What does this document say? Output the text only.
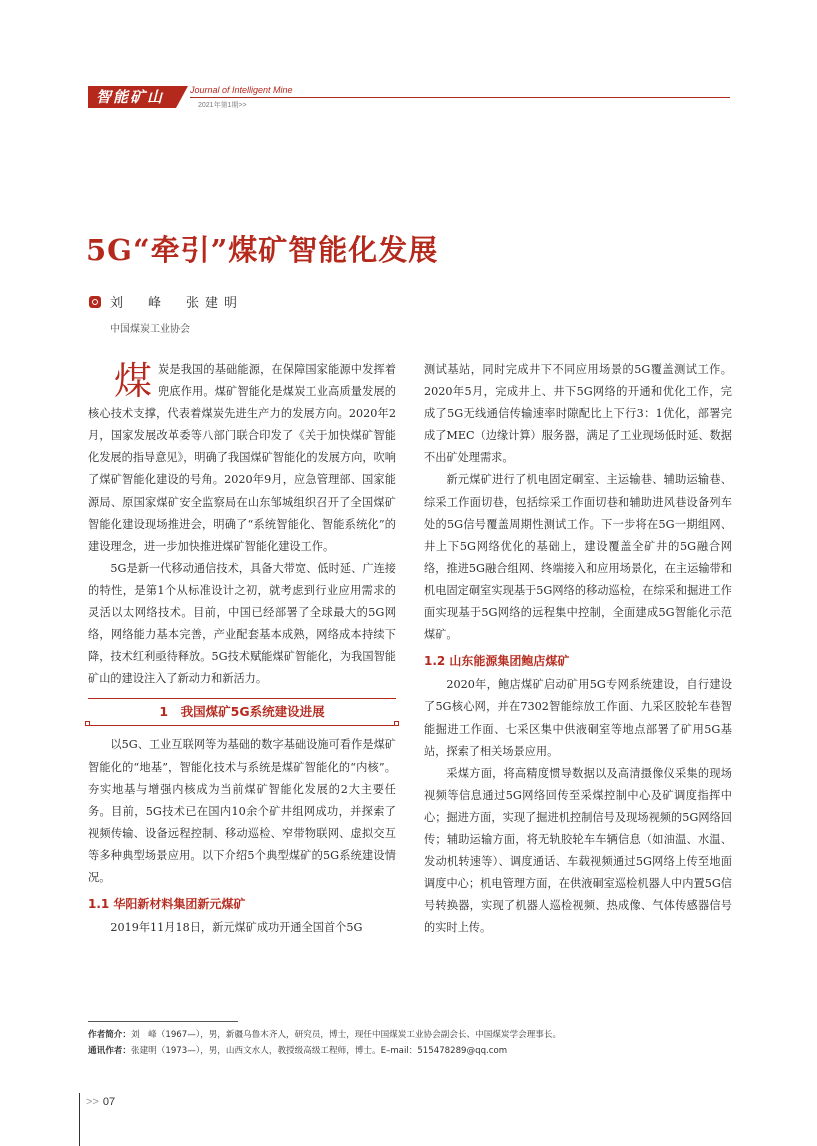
智能矿山	Journal of Intelligent Mine
2021年第1期>>
5G“牵引”煤矿智能化发展
刘　峰　张建明
中国煤炭工业协会

煤炭是我国的基础能源，在保障国家能源中发挥着兜底作用。煤矿智能化是煤炭工业高质量发展的核心技术支撑，代表着煤炭先进生产力的发展方向。2020年2月，国家发展改革委等八部门联合印发了《关于加快煤矿智能化发展的指导意见》，明确了我国煤矿智能化的发展方向，吹响了煤矿智能化建设的号角。2020年9月，应急管理部、国家能源局、原国家煤矿安全监察局在山东邹城组织召开了全国煤矿智能化建设现场推进会，明确了“系统智能化、智能系统化”的建设理念，进一步加快推进煤矿智能化建设工作。

5G是新一代移动通信技术，具备大带宽、低时延、广连接的特性，是第1个从标准设计之初，就考虑到行业应用需求的灵活以太网络技术。目前，中国已经部署了全球最大的5G网络，网络能力基本完善，产业配套基本成熟，网络成本持续下降，技术红利亟待释放。5G技术赋能煤矿智能化，为我国智能矿山的建设注入了新动力和新活力。

1　我国煤矿5G系统建设进展

以5G、工业互联网等为基础的数字基础设施可看作是煤矿智能化的“地基”，智能化技术与系统是煤矿智能化的“内核”。夯实地基与增强内核成为当前煤矿智能化发展的2大主要任务。目前，5G技术已在国内10余个矿井组网成功，并探索了视频传输、设备远程控制、移动巡检、窄带物联网、虚拟交互等多种典型场景应用。以下介绍5个典型煤矿的5G系统建设情况。

1.1 华阳新材料集团新元煤矿

2019年11月18日，新元煤矿成功开通全国首个5G

测试基站，同时完成井下不同应用场景的5G覆盖测试工作。2020年5月，完成井上、井下5G网络的开通和优化工作，完成了5G无线通信传输速率时隙配比上下行3：1优化，部署完成了MEC（边缘计算）服务器，满足了工业现场低时延、数据不出矿处理需求。

新元煤矿进行了机电固定硐室、主运输巷、辅助运输巷、综采工作面切巷，包括综采工作面切巷和辅助进风巷设备列车处的5G信号覆盖周期性测试工作。下一步将在5G一期组网、井上下5G网络优化的基础上，建设覆盖全矿井的5G融合网络，推进5G融合组网、终端接入和应用场景化，在主运输带和机电固定硐室实现基于5G网络的移动巡检，在综采和掘进工作面实现基于5G网络的远程集中控制，全面建成5G智能化示范煤矿。

1.2 山东能源集团鲍店煤矿

2020年，鲍店煤矿启动矿用5G专网系统建设，自行建设了5G核心网，并在7302智能综放工作面、九采区胶轮车巷智能掘进工作面、七采区集中供液硐室等地点部署了矿用5G基站，探索了相关场景应用。

采煤方面，将高精度惯导数据以及高清摄像仪采集的现场视频等信息通过5G网络回传至采煤控制中心及矿调度指挥中心；掘进方面，实现了掘进机控制信号及现场视频的5G网络回传；辅助运输方面，将无轨胶轮车车辆信息（如油温、水温、发动机转速等）、调度通话、车载视频通过5G网络上传至地面调度中心；机电管理方面，在供液硐室巡检机器人中内置5G信号转换器，实现了机器人巡检视频、热成像、气体传感器信号的实时上传。

作者简介：刘　峰（1967—），男，新疆乌鲁木齐人，研究员，博士，现任中国煤炭工业协会副会长、中国煤炭学会理事长。
通讯作者：张建明（1973—），男，山西文水人，教授级高级工程师，博士。E–mail：515478289@qq.com
>> 07
